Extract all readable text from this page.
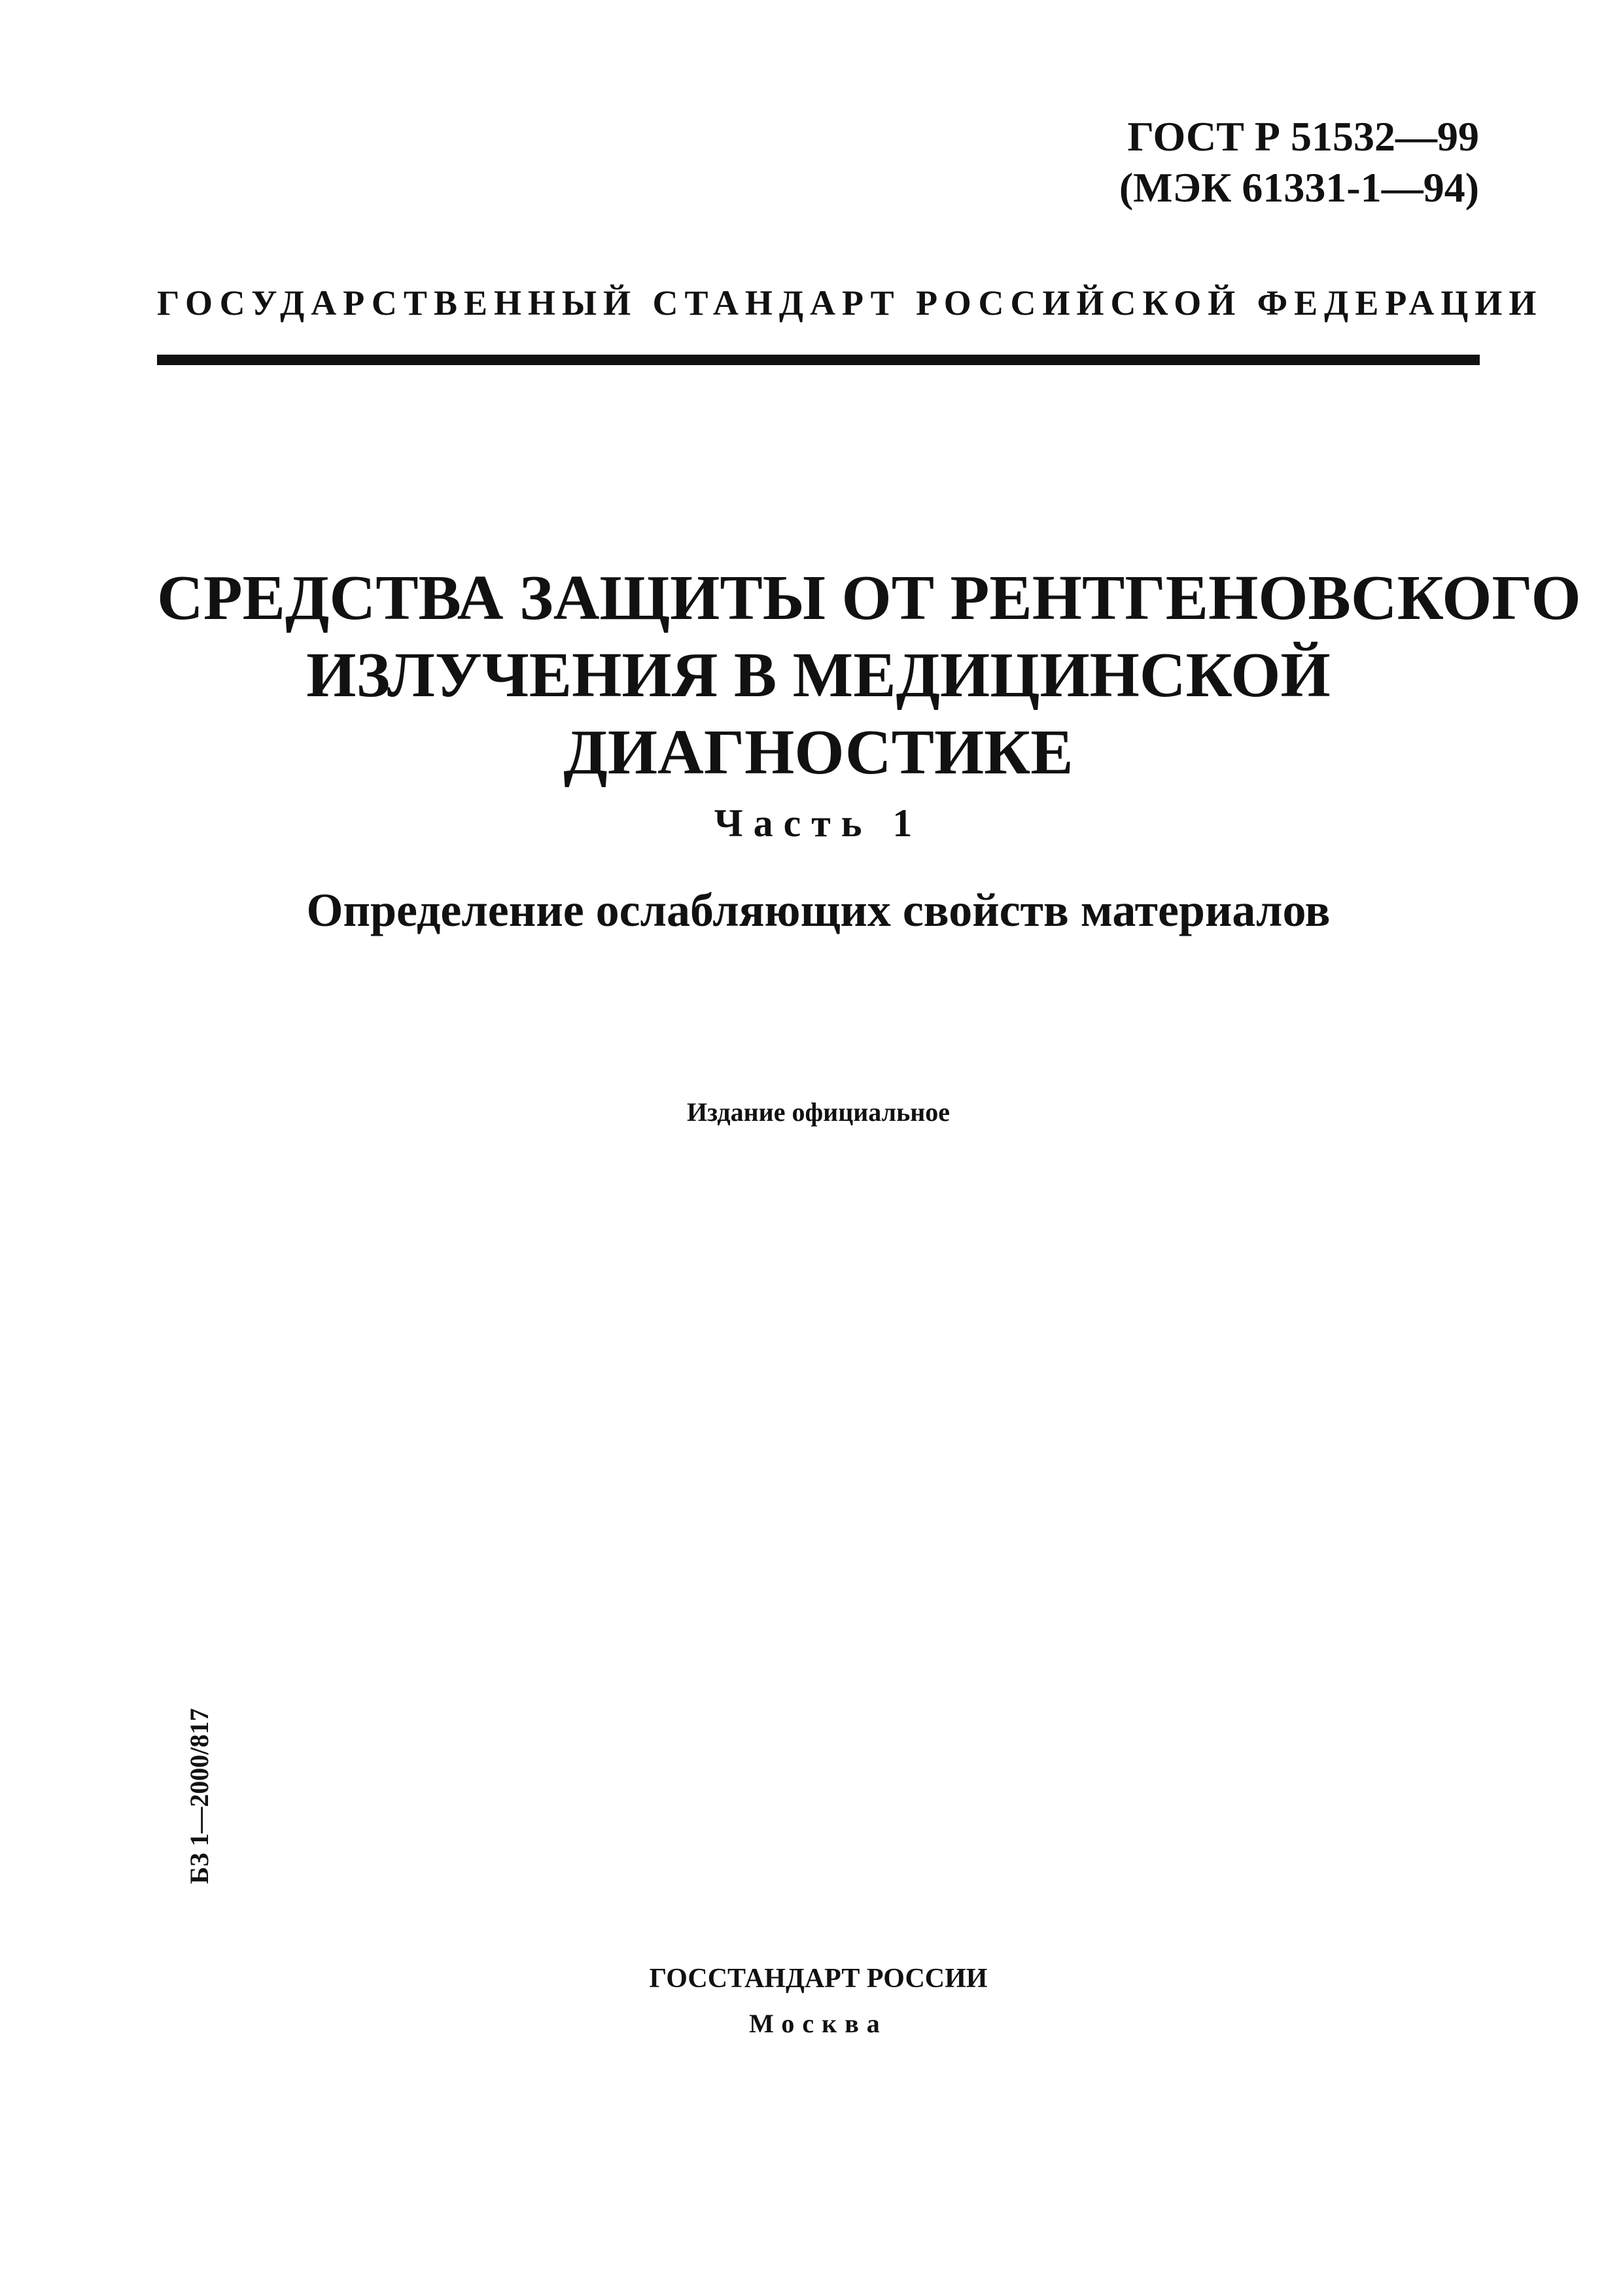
ГОСТ Р 51532—99
(МЭК 61331-1—94)
ГОСУДАРСТВЕННЫЙ СТАНДАРТ РОССИЙСКОЙ ФЕДЕРАЦИИ
СРЕДСТВА ЗАЩИТЫ ОТ РЕНТГЕНОВСКОГО
ИЗЛУЧЕНИЯ В МЕДИЦИНСКОЙ
ДИАГНОСТИКЕ
Часть 1
Определение ослабляющих свойств материалов
Издание официальное
БЗ 1—2000/817
ГОССТАНДАРТ РОССИИ
Москва
